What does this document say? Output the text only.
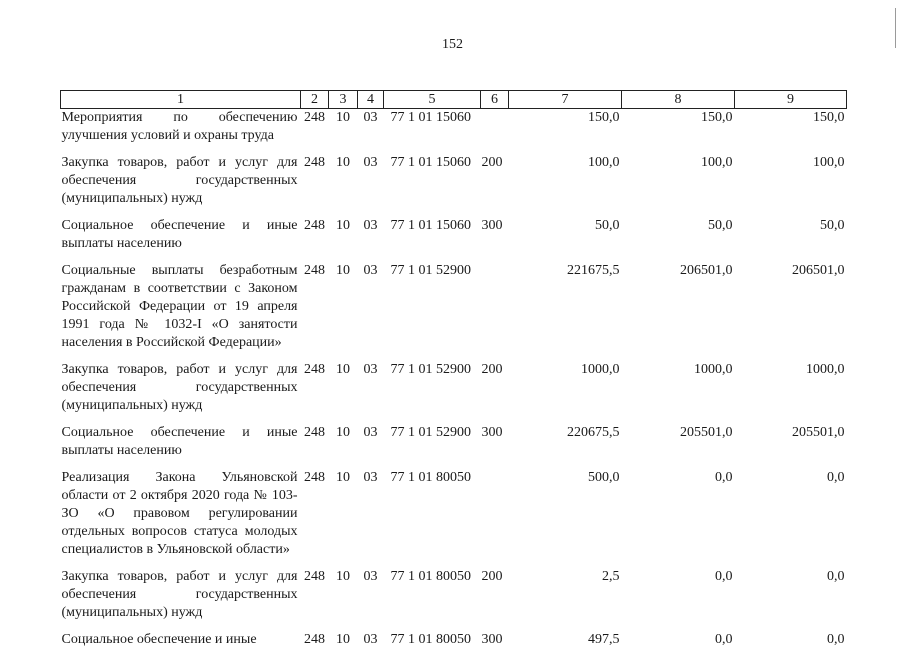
152
1	2	3	4	5	6	7	8	9
Мероприятия по обеспечению улучшения условий и охраны труда	248	10	03	77 1 01 15060		150,0	150,0	150,0
Закупка товаров, работ и услуг для обеспечения государственных (муниципальных) нужд	248	10	03	77 1 01 15060	200	100,0	100,0	100,0
Социальное обеспечение и иные выплаты населению	248	10	03	77 1 01 15060	300	50,0	50,0	50,0
Социальные выплаты безработным гражданам в соответствии с Законом Российской Федерации от 19 апреля 1991 года № 1032-I «О занятости населения в Российской Федерации»	248	10	03	77 1 01 52900		221675,5	206501,0	206501,0
Закупка товаров, работ и услуг для обеспечения государственных (муниципальных) нужд	248	10	03	77 1 01 52900	200	1000,0	1000,0	1000,0
Социальное обеспечение и иные выплаты населению	248	10	03	77 1 01 52900	300	220675,5	205501,0	205501,0
Реализация Закона Ульяновской области от 2 октября 2020 года № 103-ЗО «О правовом регулировании отдельных вопросов статуса молодых специалистов в Ульяновской области»	248	10	03	77 1 01 80050		500,0	0,0	0,0
Закупка товаров, работ и услуг для обеспечения государственных (муниципальных) нужд	248	10	03	77 1 01 80050	200	2,5	0,0	0,0
Социальное обеспечение и иные	248	10	03	77 1 01 80050	300	497,5	0,0	0,0
